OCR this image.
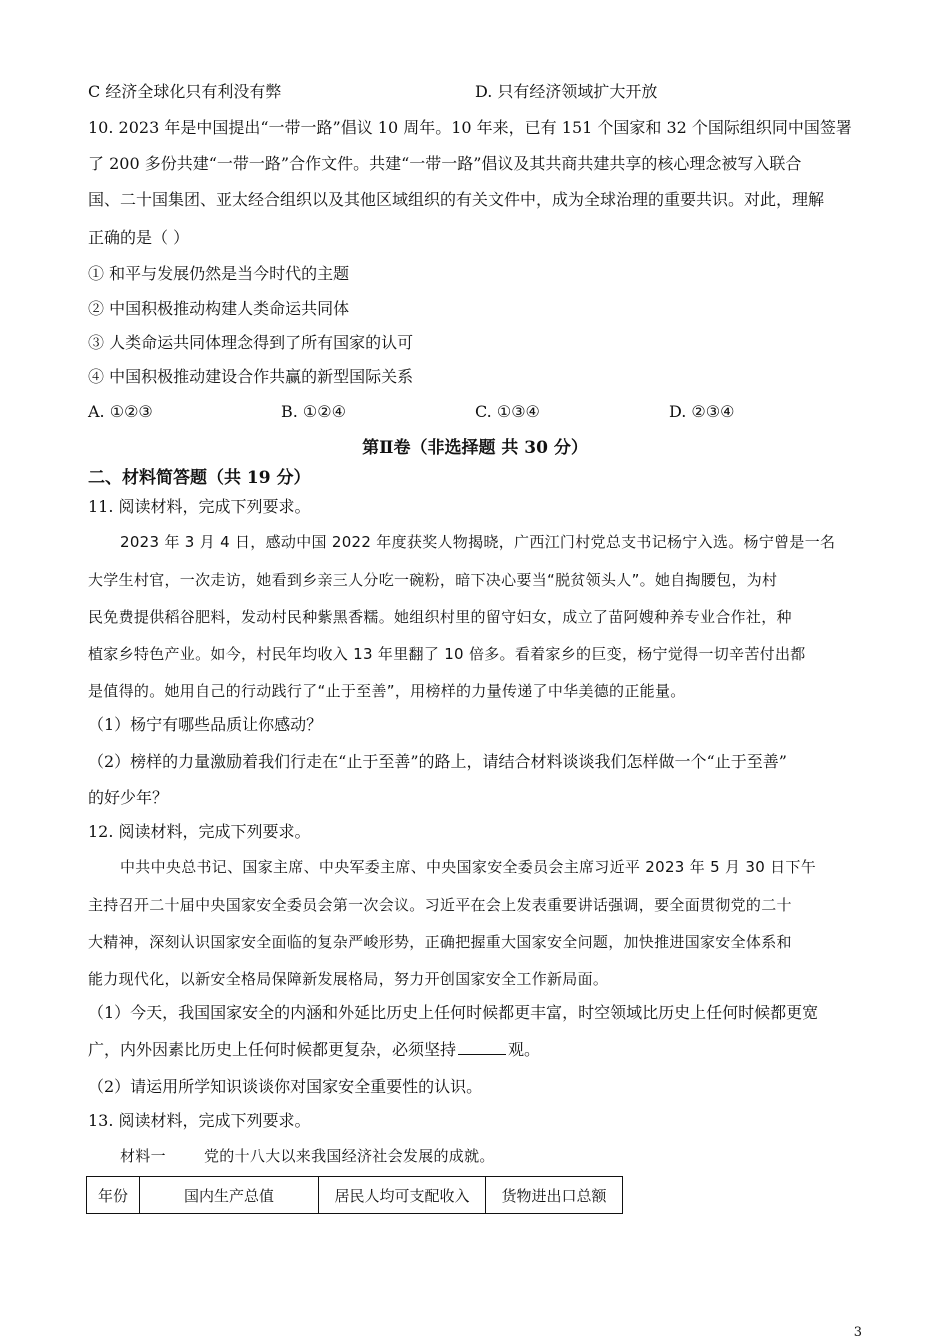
C 经济全球化只有利没有弊	D. 只有经济领域扩大开放
10. 2023 年是中国提出“一带一路”倡议 10 周年。10 年来，已有 151 个国家和 32 个国际组织同中国签署
了 200 多份共建“一带一路”合作文件。共建“一带一路”倡议及其共商共建共享的核心理念被写入联合
国、二十国集团、亚太经合组织以及其他区域组织的有关文件中，成为全球治理的重要共识。对此，理解
正确的是（ ）
① 和平与发展仍然是当今时代的主题
② 中国积极推动构建人类命运共同体
③ 人类命运共同体理念得到了所有国家的认可
④ 中国积极推动建设合作共赢的新型国际关系
A. ①②③	B. ①②④	C. ①③④	D. ②③④
第Ⅱ卷（非选择题 共 30 分）
二、材料简答题（共 19 分）
11. 阅读材料，完成下列要求。
2023 年 3 月 4 日，感动中国 2022 年度获奖人物揭晓，广西江门村党总支书记杨宁入选。杨宁曾是一名
大学生村官，一次走访，她看到乡亲三人分吃一碗粉，暗下决心要当“脱贫领头人”。她自掏腰包，为村
民免费提供稻谷肥料，发动村民种紫黑香糯。她组织村里的留守妇女，成立了苗阿嫂种养专业合作社，种
植家乡特色产业。如今，村民年均收入 13 年里翻了 10 倍多。看着家乡的巨变，杨宁觉得一切辛苦付出都
是值得的。她用自己的行动践行了“止于至善”，用榜样的力量传递了中华美德的正能量。
（1）杨宁有哪些品质让你感动？
（2）榜样的力量激励着我们行走在“止于至善”的路上，请结合材料谈谈我们怎样做一个“止于至善”
的好少年？
12. 阅读材料，完成下列要求。
中共中央总书记、国家主席、中央军委主席、中央国家安全委员会主席习近平 2023 年 5 月 30 日下午
主持召开二十届中央国家安全委员会第一次会议。习近平在会上发表重要讲话强调，要全面贯彻党的二十
大精神，深刻认识国家安全面临的复杂严峻形势，正确把握重大国家安全问题，加快推进国家安全体系和
能力现代化，以新安全格局保障新发展格局，努力开创国家安全工作新局面。
（1）今天，我国国家安全的内涵和外延比历史上任何时候都更丰富，时空领域比历史上任何时候都更宽
广，内外因素比历史上任何时候都更复杂，必须坚持	观。
（2）请运用所学知识谈谈你对国家安全重要性的认识。
13. 阅读材料，完成下列要求。
材料一	党的十八大以来我国经济社会发展的成就。
年份	国内生产总值	居民人均可支配收入	货物进出口总额
3
